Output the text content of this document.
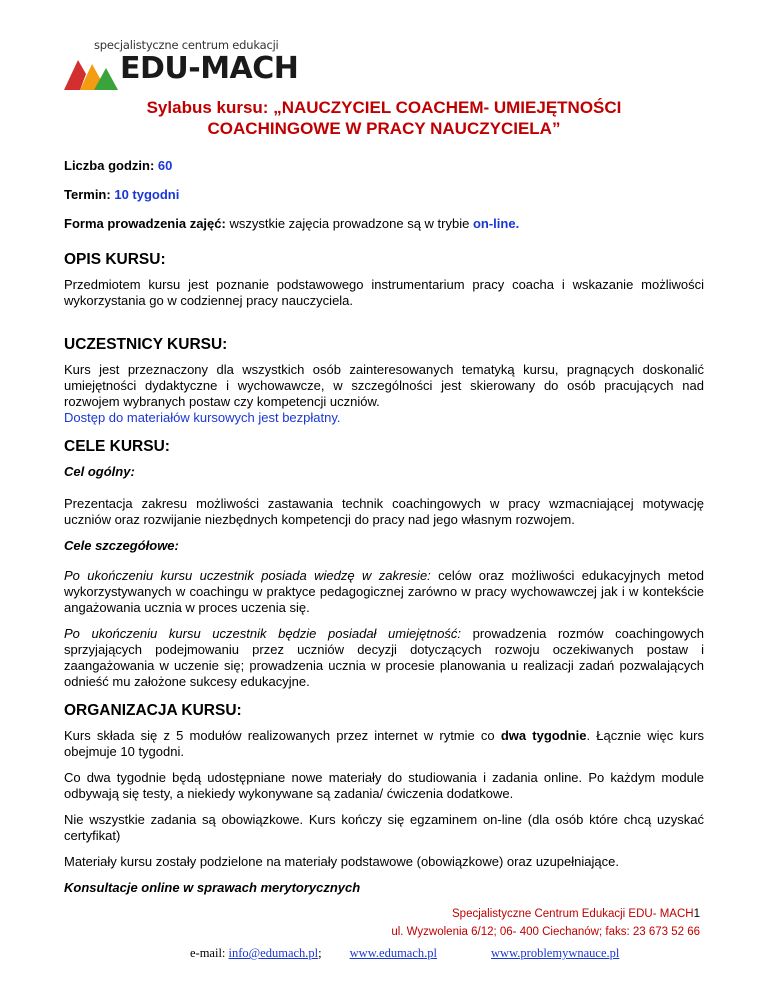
specjalistyczne centrum edukacji
EDU-MACH
Sylabus kursu: „NAUCZYCIEL COACHEM- UMIEJĘTNOŚCI
COACHINGOWE W PRACY NAUCZYCIELA”
Liczba godzin: 60
Termin: 10 tygodni
Forma prowadzenia zajęć: wszystkie zajęcia prowadzone są w trybie on-line.
OPIS KURSU:

Przedmiotem kursu jest poznanie podstawowego instrumentarium pracy coacha i wskazanie możliwości wykorzystania go w codziennej pracy nauczyciela.

UCZESTNICY KURSU:

Kurs jest przeznaczony dla wszystkich osób zainteresowanych tematyką kursu, pragnących doskonalić umiejętności dydaktyczne i wychowawcze, w szczególności jest skierowany do osób pracujących nad rozwojem wybranych postaw czy kompetencji uczniów.

Dostęp do materiałów kursowych jest bezpłatny.

CELE KURSU:

Cel ogólny:

Prezentacja zakresu możliwości zastawania technik coachingowych w pracy wzmacniającej motywację uczniów oraz rozwijanie niezbędnych kompetencji do pracy nad jego własnym rozwojem.

Cele szczegółowe:

Po ukończeniu kursu uczestnik posiada wiedzę w zakresie: celów oraz możliwości edukacyjnych metod wykorzystywanych w coachingu w praktyce pedagogicznej zarówno w pracy wychowawczej jak i w kontekście angażowania ucznia w proces uczenia się.

Po ukończeniu kursu uczestnik będzie posiadał umiejętność: prowadzenia rozmów coachingowych sprzyjających podejmowaniu przez uczniów decyzji dotyczących rozwoju oczekiwanych postaw i zaangażowania w uczenie się; prowadzenia ucznia w procesie planowania u realizacji zadań pozwalających odnieść mu założone sukcesy edukacyjne.

ORGANIZACJA KURSU:

Kurs składa się z 5 modułów realizowanych przez internet w rytmie co dwa tygodnie. Łącznie więc kurs obejmuje 10 tygodni.

Co dwa tygodnie będą udostępniane nowe materiały do studiowania i zadania online. Po każdym module odbywają się testy, a niekiedy wykonywane są zadania/ ćwiczenia dodatkowe.

Nie wszystkie zadania są obowiązkowe. Kurs kończy się egzaminem on-line (dla osób które chcą uzyskać certyfikat)

Materiały kursu zostały podzielone na materiały podstawowe (obowiązkowe) oraz uzupełniające.

Konsultacje online w sprawach merytorycznych

Specjalistyczne Centrum Edukacji EDU- MACH1
ul. Wyzwolenia 6/12; 06- 400 Ciechanów; faks: 23 673 52 66
e-mail: info@edumach.pl; www.edumach.pl	www.problemywnauce.pl
